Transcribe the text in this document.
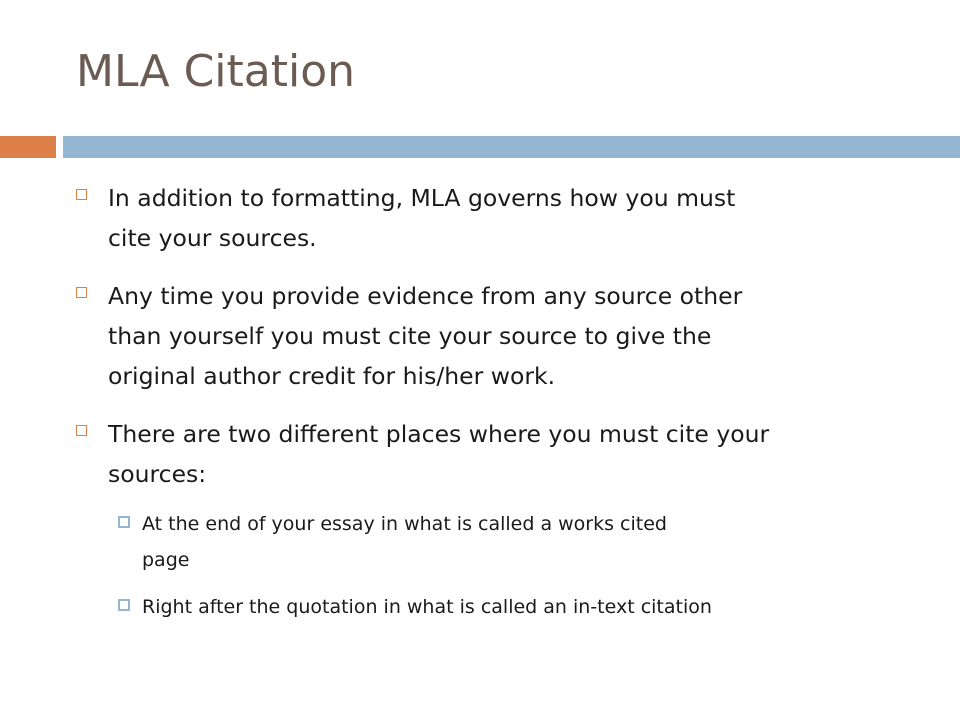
MLA Citation
In addition to formatting, MLA governs how you must
cite your sources.
Any time you provide evidence from any source other
than yourself you must cite your source to give the
original author credit for his/her work.
There are two different places where you must cite your
sources:
At the end of your essay in what is called a works cited
page
Right after the quotation in what is called an in-text citation
